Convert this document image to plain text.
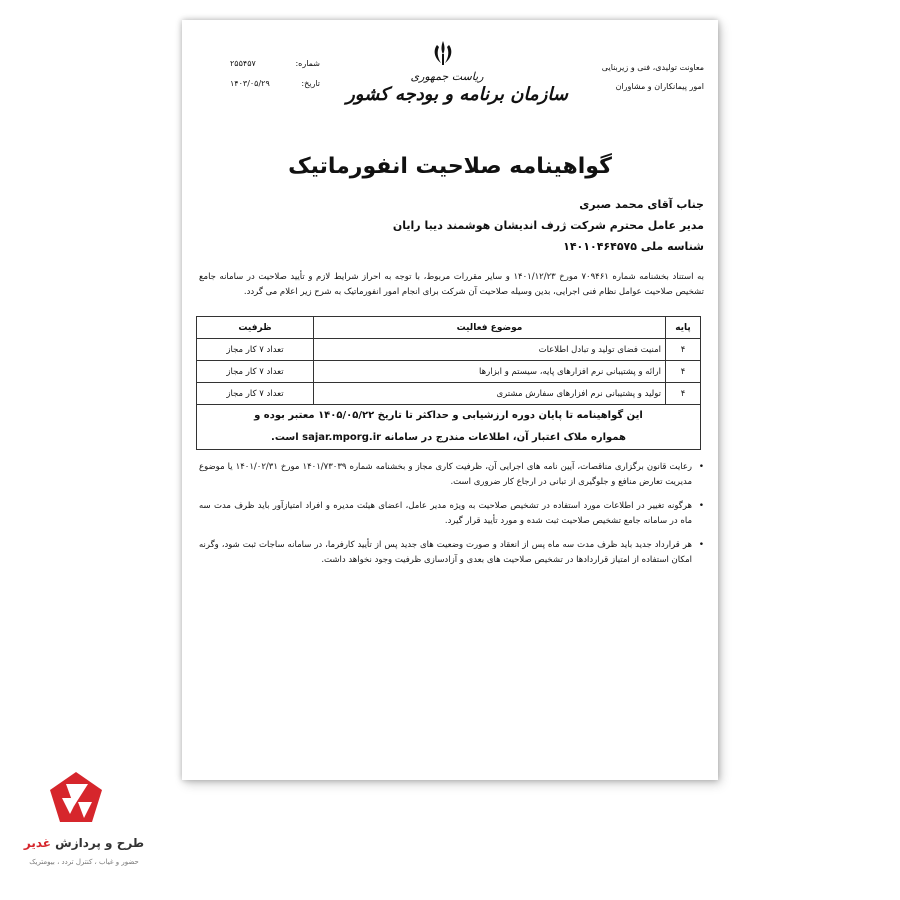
معاونت تولیدی، فنی و زیربنایی
امور پیمانکاران و مشاوران
ریاست جمهوری
سازمان برنامه و بودجه کشور
شماره:
۲۵۵۴۵۷
تاریخ:
۱۴۰۳/۰۵/۲۹
گواهینامه صلاحیت انفورماتیک
جناب آقای محمد صبری
مدیر عامل محترم شرکت ژرف اندیشان هوشمند دیبا رایان
شناسه ملی ۱۴۰۱۰۴۶۴۵۷۵
به استناد بخشنامه شماره ۷۰۹۴۶۱ مورخ ۱۴۰۱/۱۲/۲۳ و سایر مقررات مربوط، با توجه به احراز شرایط لازم و تأیید صلاحیت در سامانه جامع تشخیص صلاحیت عوامل نظام فنی اجرایی، بدین وسیله صلاحیت آن شرکت برای انجام امور انفورماتیک به شرح زیر اعلام می گردد.
پایه	موضوع فعالیت	ظرفیت
۴	امنیت فضای تولید و تبادل اطلاعات	تعداد ۷ کار مجاز
۴	ارائه و پشتیبانی نرم افزارهای پایه، سیستم و ابزارها	تعداد ۷ کار مجاز
۴	تولید و پشتیبانی نرم افزارهای سفارش مشتری	تعداد ۷ کار مجاز

این گواهینامه تا پایان دوره ارزشیابی و حداکثر تا تاریخ ۱۴۰۵/۰۵/۲۲ معتبر بوده و
همواره ملاک اعتبار آن، اطلاعات مندرج در سامانه sajar.mporg.ir است.		
•
رعایت قانون برگزاری مناقصات، آیین نامه های اجرایی آن، ظرفیت کاری مجاز و بخشنامه شماره ۱۴۰۱/۷۳۰۳۹ مورخ ۱۴۰۱/۰۲/۳۱ یا موضوع مدیریت تعارض منافع و جلوگیری از تبانی در ارجاع کار ضروری است.
•
هرگونه تغییر در اطلاعات مورد استفاده در تشخیص صلاحیت به ویژه مدیر عامل، اعضای هیئت مدیره و افراد امتیازآور باید ظرف مدت سه ماه در سامانه جامع تشخیص صلاحیت ثبت شده و مورد تأیید قرار گیرد.
•
هر قرارداد جدید باید ظرف مدت سه ماه پس از انعقاد و صورت وضعیت های جدید پس از تأیید کارفرما، در سامانه ساجات ثبت شود، وگرنه امکان استفاده از امتیاز قراردادها در تشخیص صلاحیت های بعدی و آزادسازی ظرفیت وجود نخواهد داشت.
طرح و پردازش غدیر
حضور و غیاب ، کنترل تردد ، بیومتریک
